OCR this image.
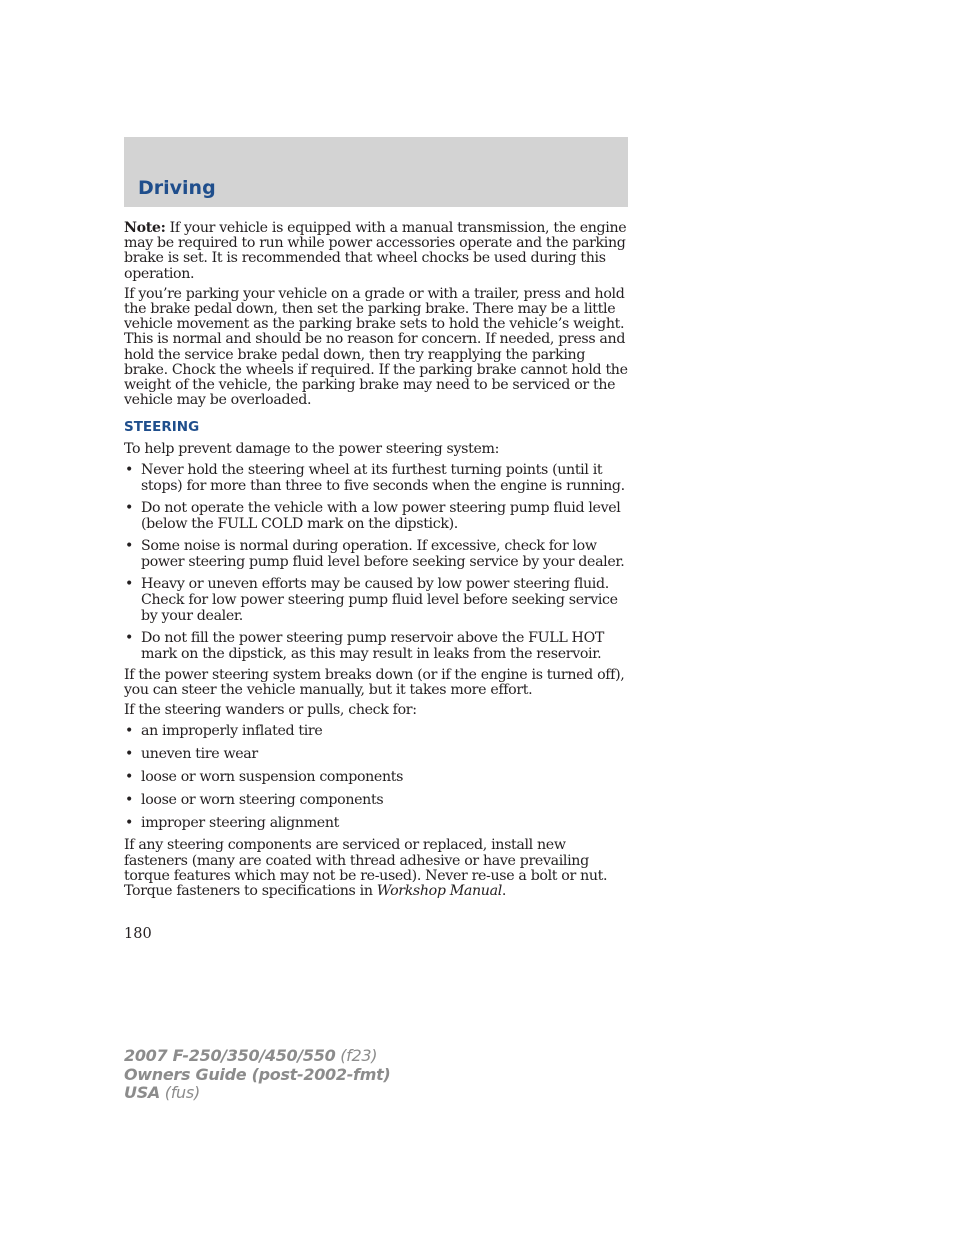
Driving

Note: If your vehicle is equipped with a manual transmission, the engine may be required to run while power accessories operate and the parking brake is set. It is recommended that wheel chocks be used during this operation.

If you’re parking your vehicle on a grade or with a trailer, press and hold the brake pedal down, then set the parking brake. There may be a little vehicle movement as the parking brake sets to hold the vehicle’s weight. This is normal and should be no reason for concern. If needed, press and hold the service brake pedal down, then try reapplying the parking brake. Chock the wheels if required. If the parking brake cannot hold the weight of the vehicle, the parking brake may need to be serviced or the vehicle may be overloaded.

STEERING

To help prevent damage to the power steering system:

• Never hold the steering wheel at its furthest turning points (until it stops) for more than three to five seconds when the engine is running.
• Do not operate the vehicle with a low power steering pump fluid level (below the FULL COLD mark on the dipstick).
• Some noise is normal during operation. If excessive, check for low power steering pump fluid level before seeking service by your dealer.
• Heavy or uneven efforts may be caused by low power steering fluid. Check for low power steering pump fluid level before seeking service by your dealer.
• Do not fill the power steering pump reservoir above the FULL HOT mark on the dipstick, as this may result in leaks from the reservoir.

If the power steering system breaks down (or if the engine is turned off), you can steer the vehicle manually, but it takes more effort.

If the steering wanders or pulls, check for:

• an improperly inflated tire
• uneven tire wear
• loose or worn suspension components
• loose or worn steering components
• improper steering alignment

If any steering components are serviced or replaced, install new fasteners (many are coated with thread adhesive or have prevailing torque features which may not be re-used). Never re-use a bolt or nut. Torque fasteners to specifications in Workshop Manual.

180
2007 F-250/350/450/550 (f23)
Owners Guide (post-2002-fmt)
USA (fus)
